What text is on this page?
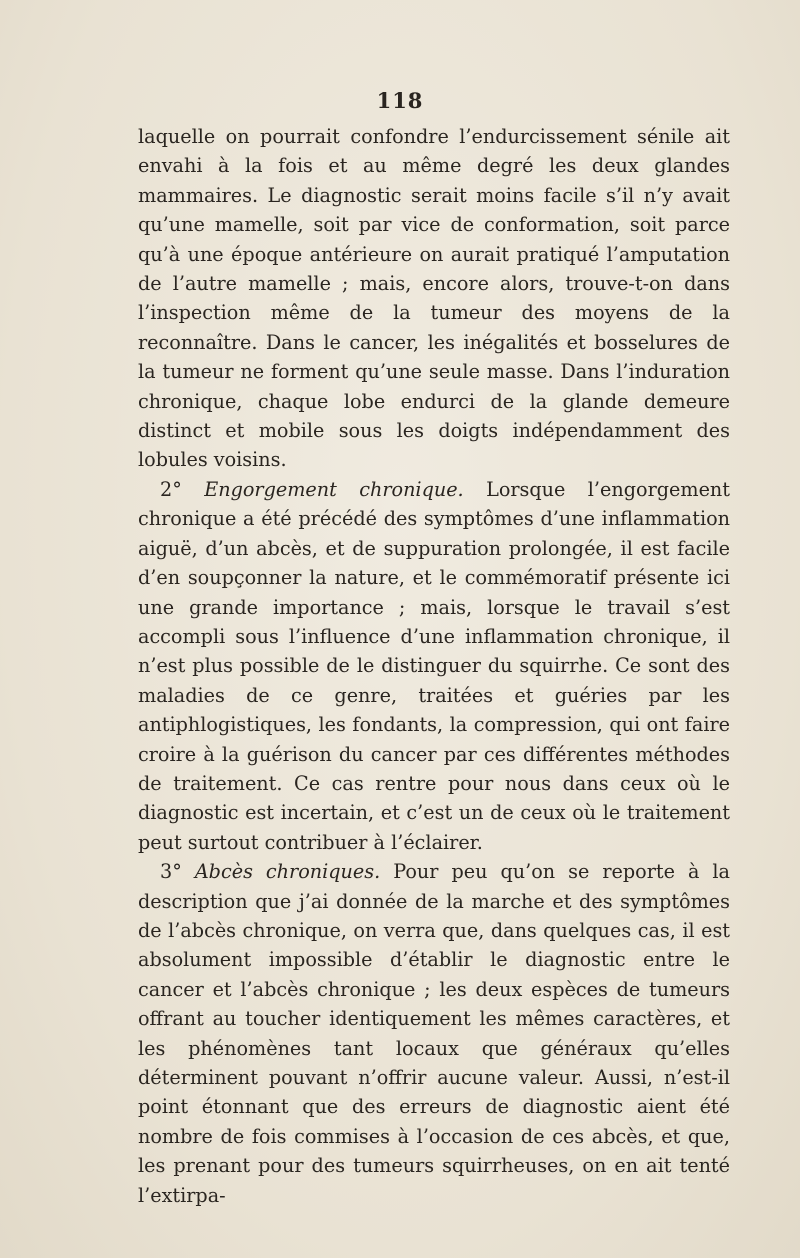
118

laquelle on pourrait confondre l’endurcissement sénile ait envahi à la fois et au même degré les deux glandes mammaires. Le diagnostic serait moins facile s’il n’y avait qu’une mamelle, soit par vice de conformation, soit parce qu’à une époque antérieure on aurait pratiqué l’amputation de l’autre mamelle ; mais, encore alors, trouve-t-on dans l’inspection même de la tumeur des moyens de la reconnaître. Dans le cancer, les inégalités et bosselures de la tumeur ne forment qu’une seule masse. Dans l’induration chronique, chaque lobe endurci de la glande demeure distinct et mobile sous les doigts indépendamment des lobules voisins.

2° Engorgement chronique. Lorsque l’engorgement chronique a été précédé des symptômes d’une inflammation aiguë, d’un abcès, et de suppuration prolongée, il est facile d’en soupçonner la nature, et le commémoratif présente ici une grande importance ; mais, lorsque le travail s’est accompli sous l’influence d’une inflammation chronique, il n’est plus possible de le distinguer du squirrhe. Ce sont des maladies de ce genre, traitées et guéries par les antiphlogistiques, les fondants, la compression, qui ont faire croire à la guérison du cancer par ces différentes méthodes de traitement. Ce cas rentre pour nous dans ceux où le diagnostic est incertain, et c’est un de ceux où le traitement peut surtout contribuer à l’éclairer.

3° Abcès chroniques. Pour peu qu’on se reporte à la description que j’ai donnée de la marche et des symptômes de l’abcès chronique, on verra que, dans quelques cas, il est absolument impossible d’établir le diagnostic entre le cancer et l’abcès chronique ; les deux espèces de tumeurs offrant au toucher identiquement les mêmes caractères, et les phénomènes tant locaux que généraux qu’elles déterminent pouvant n’offrir aucune valeur. Aussi, n’est-il point étonnant que des erreurs de diagnostic aient été nombre de fois commises à l’occasion de ces abcès, et que, les prenant pour des tumeurs squirrheuses, on en ait tenté l’extirpa-
